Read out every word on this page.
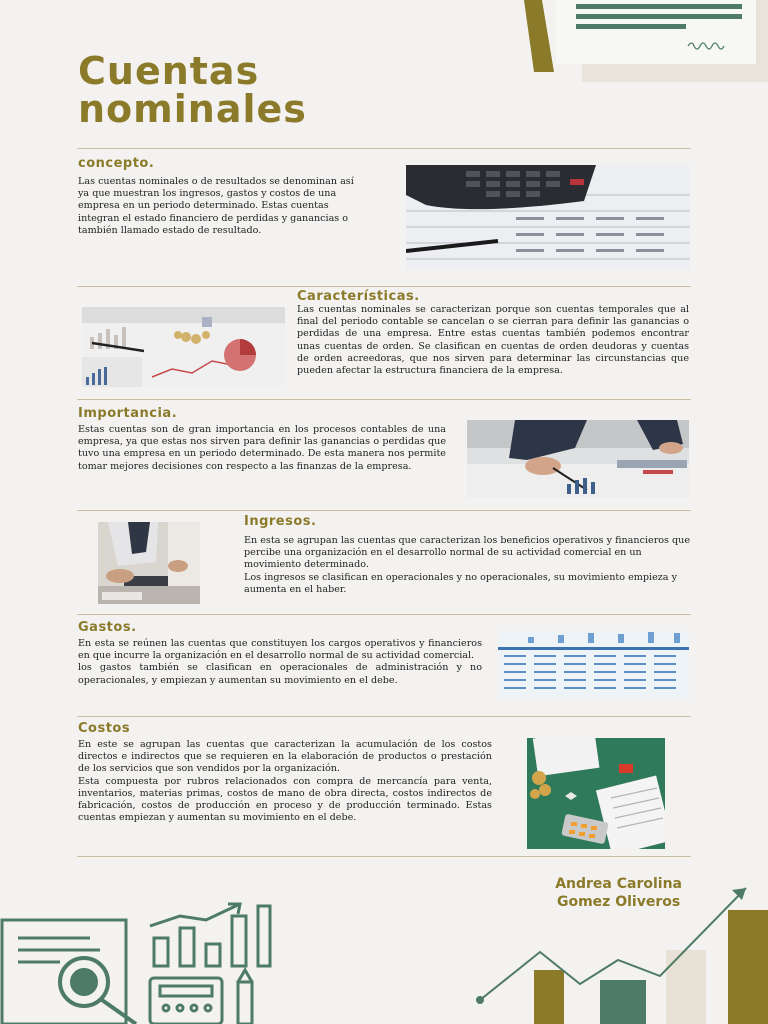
Cuentas
nominales
concepto.

Las cuentas nominales o de resultados se denominan así ya que muestran los ingresos, gastos y costos de una empresa en un periodo determinado. Estas cuentas integran el estado financiero de perdidas y ganancias o también llamado estado de resultado.

Características.

Las cuentas nominales se caracterizan porque son cuentas temporales que al final del periodo contable se cancelan o se cierran para definir las ganancias o perdidas de una empresa. Entre estas cuentas también podemos encontrar unas cuentas de orden. Se clasifican en cuentas de orden deudoras y cuentas de orden acreedoras, que nos sirven para determinar las circunstancias que pueden afectar la estructura financiera de la empresa.

Importancia.

Estas cuentas son de gran importancia en los procesos contables de una empresa, ya que estas nos sirven para definir las ganancias o perdidas que tuvo una empresa en un periodo determinado. De esta manera nos permite tomar mejores decisiones con respecto a las finanzas de la empresa.

Ingresos.

En esta se agrupan las cuentas que caracterizan los beneficios operativos y financieros que percibe una organización en el desarrollo normal de su actividad comercial en un movimiento determinado.
Los ingresos se clasifican en operacionales y no operacionales, su movimiento empieza y aumenta en el haber.

Gastos.

En esta se reúnen las cuentas que constituyen los cargos operativos y financieros en que incurre la organización en el desarrollo normal de su actividad comercial.
los gastos también se clasifican en operacionales de administración y no operacionales, y empiezan y aumentan su movimiento en el debe.

Costos

En este se agrupan las cuentas que caracterizan la acumulación de los costos directos e indirectos que se requieren en la elaboración de productos o prestación de los servicios que son vendidos por la organización.
Esta compuesta por rubros relacionados con compra de mercancía para venta, inventarios, materias primas, costos de mano de obra directa, costos indirectos de fabricación, costos de producción en proceso y de producción terminado. Estas cuentas empiezan y aumentan su movimiento en el debe.

Andrea Carolina
Gomez Oliveros
